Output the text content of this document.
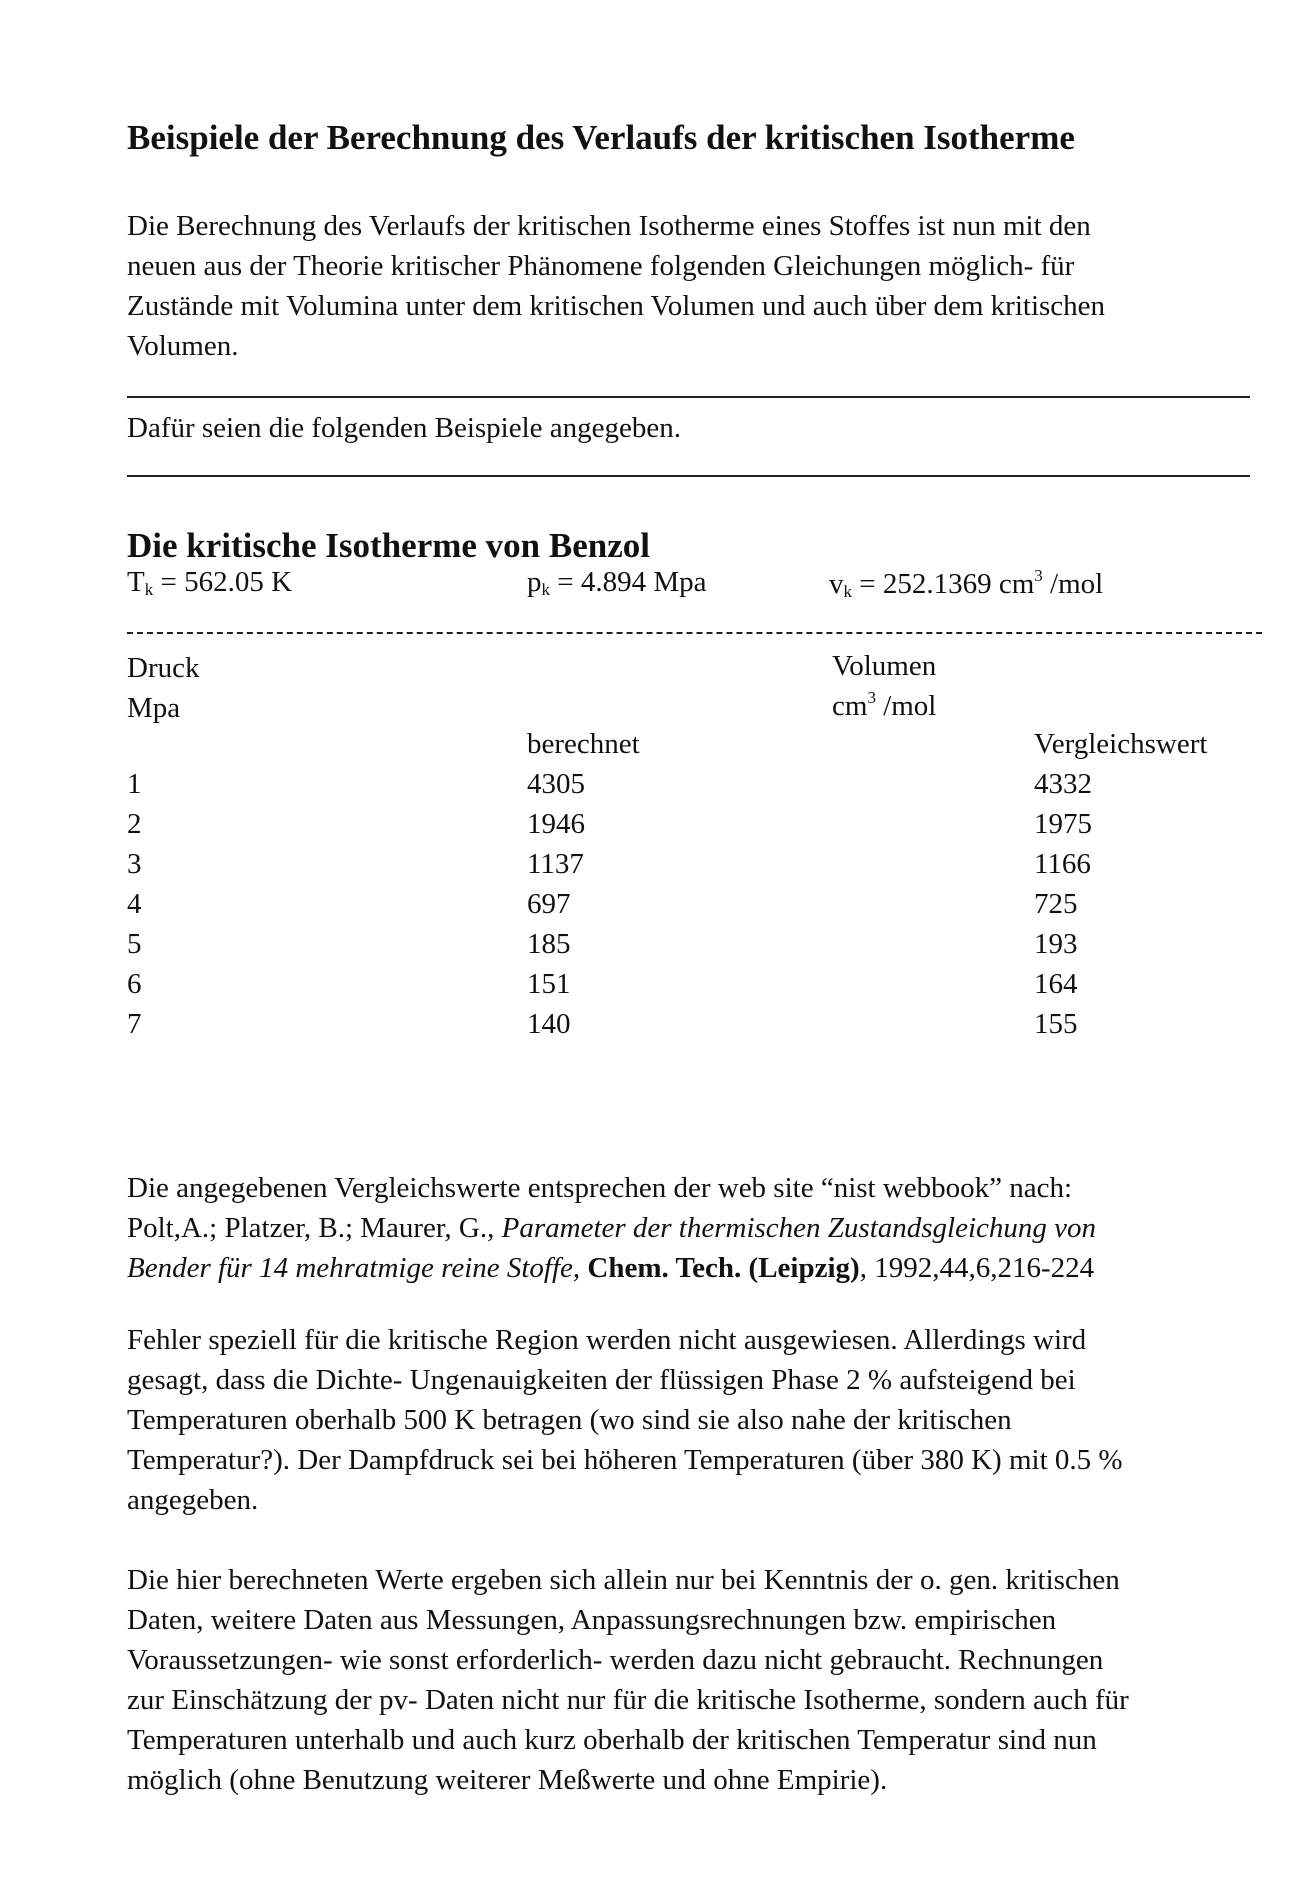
Beispiele der Berechnung des Verlaufs der kritischen Isotherme
Die Berechnung des Verlaufs der kritischen Isotherme eines Stoffes ist nun mit den
neuen aus der Theorie kritischer Phänomene folgenden Gleichungen möglich- für
Zustände mit Volumina unter dem kritischen Volumen und auch über dem kritischen
Volumen.
Dafür seien die folgenden Beispiele angegeben.
Die kritische Isotherme von Benzol
$T_k = 562.05$ K	$p_k = 4.894$ Mpa	$v_k = 252.1369$ $cm^3$ /mol
Druck
Mpa
Volumen
$cm^3$ /mol
berechnet	Vergleichswert
1	4305	4332
2	1946	1975
3	1137	1166
4	697	725
5	185	193
6	151	164
7	140	155
Die angegebenen Vergleichswerte entsprechen der web site “nist webbook” nach:
Polt,A.; Platzer, B.; Maurer, G., Parameter der thermischen Zustandsgleichung von
Bender für 14 mehratmige reine Stoffe, Chem. Tech. (Leipzig), 1992,44,6,216-224
Fehler speziell für die kritische Region werden nicht ausgewiesen. Allerdings wird
gesagt, dass die Dichte- Ungenauigkeiten der flüssigen Phase 2 % aufsteigend bei
Temperaturen oberhalb 500 K betragen (wo sind sie also nahe der kritischen
Temperatur?). Der Dampfdruck sei bei höheren Temperaturen (über 380 K) mit 0.5 %
angegeben.
Die hier berechneten Werte ergeben sich allein nur bei Kenntnis der o. gen. kritischen
Daten, weitere Daten aus Messungen, Anpassungsrechnungen bzw. empirischen
Voraussetzungen- wie sonst erforderlich- werden dazu nicht gebraucht. Rechnungen
zur Einschätzung der pv- Daten nicht nur für die kritische Isotherme, sondern auch für
Temperaturen unterhalb und auch kurz oberhalb der kritischen Temperatur sind nun
möglich (ohne Benutzung weiterer Meßwerte und ohne Empirie).
